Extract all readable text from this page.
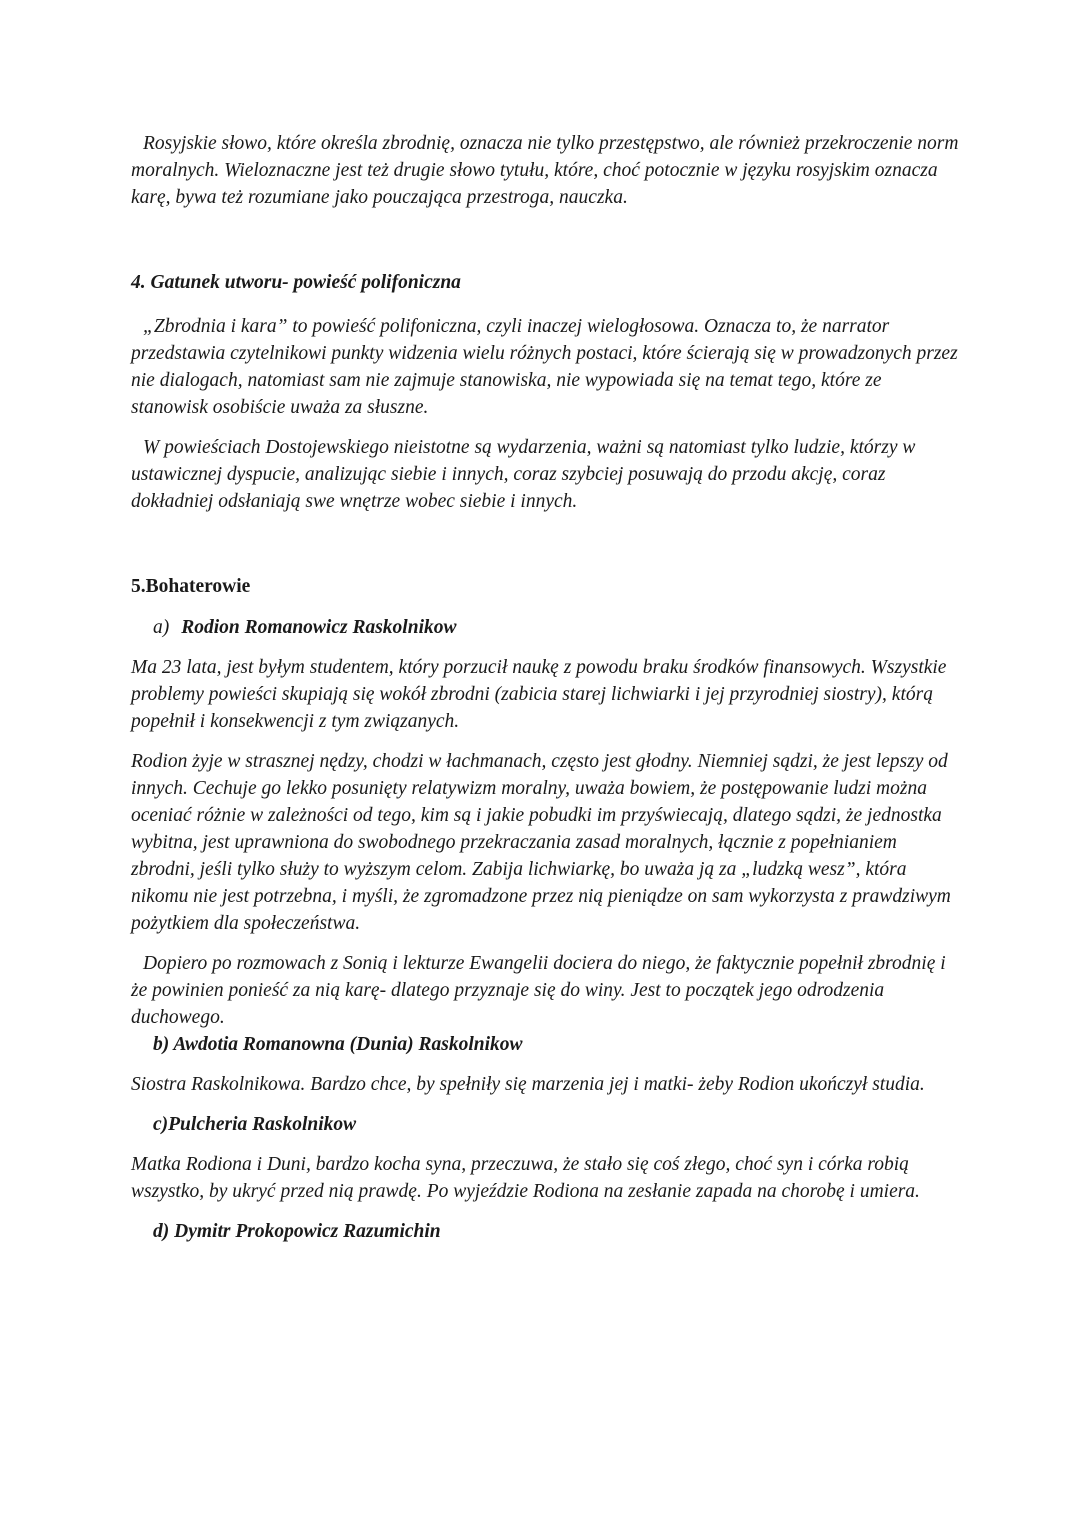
Rosyjskie słowo, które określa zbrodnię, oznacza nie tylko przestępstwo, ale również przekroczenie norm moralnych. Wieloznaczne jest też drugie słowo tytułu, które, choć potocznie w języku rosyjskim oznacza karę, bywa też rozumiane jako pouczająca przestroga, nauczka.

4. Gatunek utworu- powieść polifoniczna

„Zbrodnia i kara” to powieść polifoniczna, czyli inaczej wielogłosowa. Oznacza to, że narrator przedstawia czytelnikowi punkty widzenia wielu różnych postaci, które ścierają się w prowadzonych przez nie dialogach, natomiast sam nie zajmuje stanowiska, nie wypowiada się na temat tego, które ze stanowisk osobiście uważa za słuszne.

W powieściach Dostojewskiego nieistotne są wydarzenia, ważni są natomiast tylko ludzie, którzy w ustawicznej dyspucie, analizując siebie i innych, coraz szybciej posuwają do przodu akcję, coraz dokładniej odsłaniają swe wnętrze wobec siebie i innych.

5.Bohaterowie
a) Rodion Romanowicz Raskolnikow

Ma 23 lata, jest byłym studentem, który porzucił naukę z powodu braku środków finansowych. Wszystkie problemy powieści skupiają się wokół zbrodni (zabicia starej lichwiarki i jej przyrodniej siostry), którą popełnił i konsekwencji z tym związanych.

Rodion żyje w strasznej nędzy, chodzi w łachmanach, często jest głodny. Niemniej sądzi, że jest lepszy od innych. Cechuje go lekko posunięty relatywizm moralny, uważa bowiem, że postępowanie ludzi można oceniać różnie w zależności od tego, kim są i jakie pobudki im przyświecają, dlatego sądzi, że jednostka wybitna, jest uprawniona do swobodnego przekraczania zasad moralnych, łącznie z popełnianiem zbrodni, jeśli tylko służy to wyższym celom. Zabija lichwiarkę, bo uważa ją za „ludzką wesz”, która nikomu nie jest potrzebna, i myśli, że zgromadzone przez nią pieniądze on sam wykorzysta z prawdziwym pożytkiem dla społeczeństwa.

Dopiero po rozmowach z Sonią i lekturze Ewangelii dociera do niego, że faktycznie popełnił zbrodnię i że powinien ponieść za nią karę- dlatego przyznaje się do winy. Jest to początek jego odrodzenia duchowego.

b) Awdotia Romanowna (Dunia) Raskolnikow

Siostra Raskolnikowa. Bardzo chce, by spełniły się marzenia jej i matki- żeby Rodion ukończył studia.

c)Pulcheria Raskolnikow

Matka Rodiona i Duni, bardzo kocha syna, przeczuwa, że stało się coś złego, choć syn i córka robią wszystko, by ukryć przed nią prawdę. Po wyjeździe Rodiona na zesłanie zapada na chorobę i umiera.

d) Dymitr Prokopowicz Razumichin
